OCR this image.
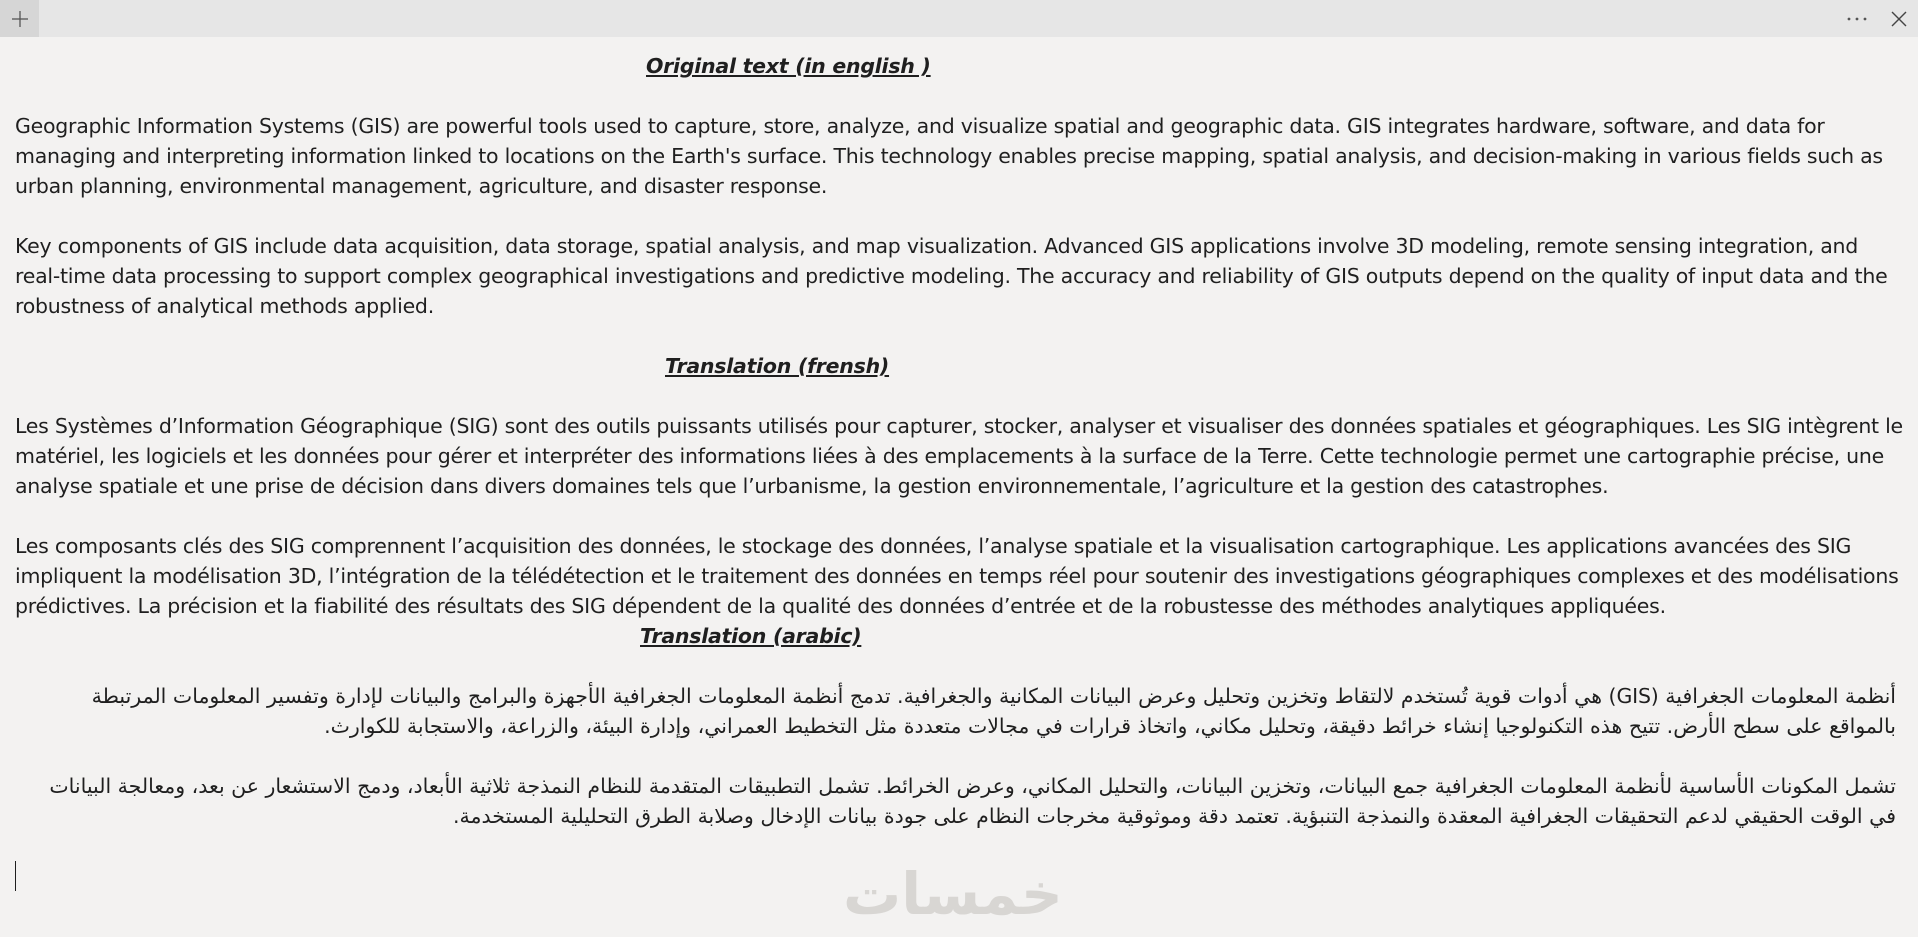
Original text (in english )

Geographic Information Systems (GIS) are powerful tools used to capture, store, analyze, and visualize spatial and geographic data. GIS integrates hardware, software, and data for managing and interpreting information linked to locations on the Earth's surface. This technology enables precise mapping, spatial analysis, and decision-making in various fields such as urban planning, environmental management, agriculture, and disaster response.

Key components of GIS include data acquisition, data storage, spatial analysis, and map visualization. Advanced GIS applications involve 3D modeling, remote sensing integration, and real-time data processing to support complex geographical investigations and predictive modeling. The accuracy and reliability of GIS outputs depend on the quality of input data and the robustness of analytical methods applied.

Translation (frensh)

Les Systèmes d’Information Géographique (SIG) sont des outils puissants utilisés pour capturer, stocker, analyser et visualiser des données spatiales et géographiques. Les SIG intègrent le matériel, les logiciels et les données pour gérer et interpréter des informations liées à des emplacements à la surface de la Terre. Cette technologie permet une cartographie précise, une analyse spatiale et une prise de décision dans divers domaines tels que l’urbanisme, la gestion environnementale, l’agriculture et la gestion des catastrophes.

Les composants clés des SIG comprennent l’acquisition des données, le stockage des données, l’analyse spatiale et la visualisation cartographique. Les applications avancées des SIG impliquent la modélisation 3D, l’intégration de la télédétection et le traitement des données en temps réel pour soutenir des investigations géographiques complexes et des modélisations prédictives. La précision et la fiabilité des résultats des SIG dépendent de la qualité des données d’entrée et de la robustesse des méthodes analytiques appliquées.

Translation (arabic)

أنظمة المعلومات الجغرافية (GIS) هي أدوات قوية تُستخدم لالتقاط وتخزين وتحليل وعرض البيانات المكانية والجغرافية. تدمج أنظمة المعلومات الجغرافية الأجهزة والبرامج والبيانات لإدارة وتفسير المعلومات المرتبطة بالمواقع على سطح الأرض. تتيح هذه التكنولوجيا إنشاء خرائط دقيقة، وتحليل مكاني، واتخاذ قرارات في مجالات متعددة مثل التخطيط العمراني، وإدارة البيئة، والزراعة، والاستجابة للكوارث.

تشمل المكونات الأساسية لأنظمة المعلومات الجغرافية جمع البيانات، وتخزين البيانات، والتحليل المكاني، وعرض الخرائط. تشمل التطبيقات المتقدمة للنظام النمذجة ثلاثية الأبعاد، ودمج الاستشعار عن بعد، ومعالجة البيانات في الوقت الحقيقي لدعم التحقيقات الجغرافية المعقدة والنمذجة التنبؤية. تعتمد دقة وموثوقية مخرجات النظام على جودة بيانات الإدخال وصلابة الطرق التحليلية المستخدمة.

خمسات
